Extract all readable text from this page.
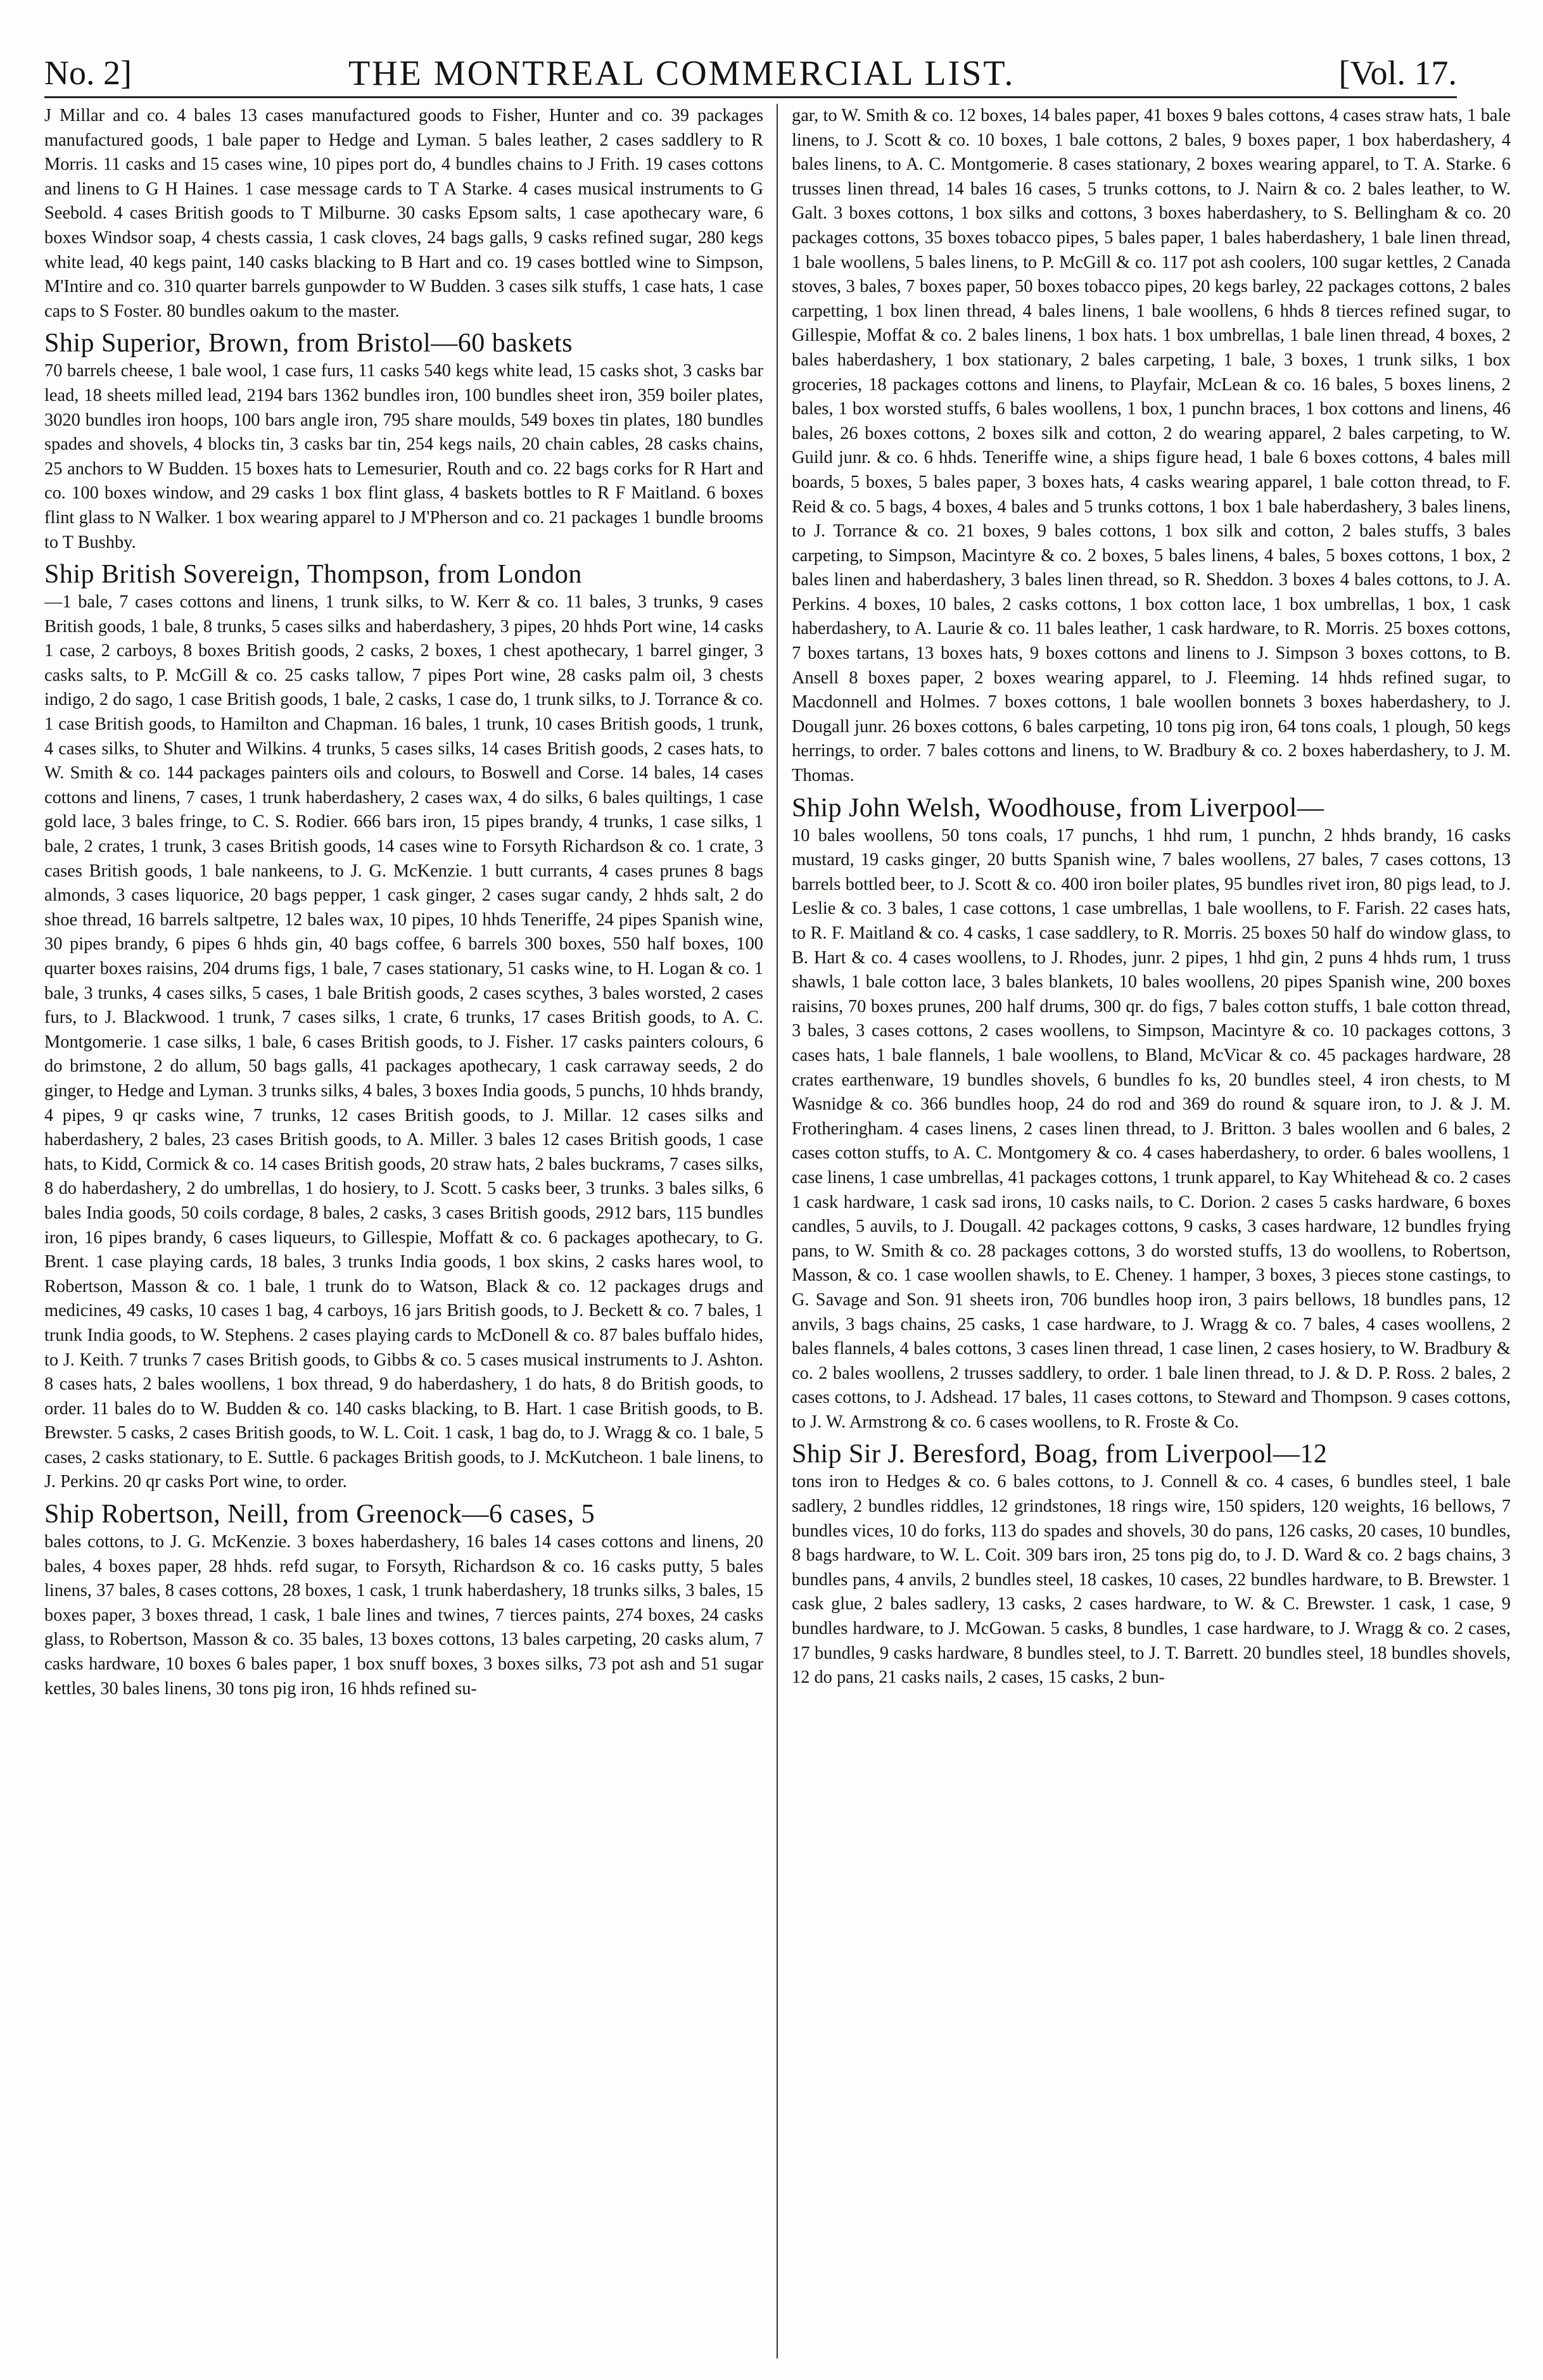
No. 2]	THE MONTREAL COMMERCIAL LIST.	[Vol. 17.

J Millar and co. 4 bales 13 cases manufactured goods to Fisher, Hunter and co. 39 packages manufactured goods, 1 bale paper to Hedge and Lyman. 5 bales leather, 2 cases saddlery to R Morris. 11 casks and 15 cases wine, 10 pipes port do, 4 bundles chains to J Frith. 19 cases cottons and linens to G H Haines. 1 case message cards to T A Starke. 4 cases musical instruments to G Seebold. 4 cases British goods to T Milburne. 30 casks Epsom salts, 1 case apothecary ware, 6 boxes Windsor soap, 4 chests cassia, 1 cask cloves, 24 bags galls, 9 casks refined sugar, 280 kegs white lead, 40 kegs paint, 140 casks blacking to B Hart and co. 19 cases bottled wine to Simpson, M'Intire and co. 310 quarter barrels gunpowder to W Budden. 3 cases silk stuffs, 1 case hats, 1 case caps to S Foster. 80 bundles oakum to the master.

Ship Superior, Brown, from Bristol—60 baskets

70 barrels cheese, 1 bale wool, 1 case furs, 11 casks 540 kegs white lead, 15 casks shot, 3 casks bar lead, 18 sheets milled lead, 2194 bars 1362 bundles iron, 100 bundles sheet iron, 359 boiler plates, 3020 bundles iron hoops, 100 bars angle iron, 795 share moulds, 549 boxes tin plates, 180 bundles spades and shovels, 4 blocks tin, 3 casks bar tin, 254 kegs nails, 20 chain cables, 28 casks chains, 25 anchors to W Budden. 15 boxes hats to Lemesurier, Routh and co. 22 bags corks for R Hart and co. 100 boxes window, and 29 casks 1 box flint glass, 4 baskets bottles to R F Maitland. 6 boxes flint glass to N Walker. 1 box wearing apparel to J M'Pherson and co. 21 packages 1 bundle brooms to T Bushby.

Ship British Sovereign, Thompson, from London

—1 bale, 7 cases cottons and linens, 1 trunk silks, to W. Kerr & co. 11 bales, 3 trunks, 9 cases British goods, 1 bale, 8 trunks, 5 cases silks and haberdashery, 3 pipes, 20 hhds Port wine, 14 casks 1 case, 2 carboys, 8 boxes British goods, 2 casks, 2 boxes, 1 chest apothecary, 1 barrel ginger, 3 casks salts, to P. McGill & co. 25 casks tallow, 7 pipes Port wine, 28 casks palm oil, 3 chests indigo, 2 do sago, 1 case British goods, 1 bale, 2 casks, 1 case do, 1 trunk silks, to J. Torrance & co. 1 case British goods, to Hamilton and Chapman. 16 bales, 1 trunk, 10 cases British goods, 1 trunk, 4 cases silks, to Shuter and Wilkins. 4 trunks, 5 cases silks, 14 cases British goods, 2 cases hats, to W. Smith & co. 144 packages painters oils and colours, to Boswell and Corse. 14 bales, 14 cases cottons and linens, 7 cases, 1 trunk haberdashery, 2 cases wax, 4 do silks, 6 bales quiltings, 1 case gold lace, 3 bales fringe, to C. S. Rodier. 666 bars iron, 15 pipes brandy, 4 trunks, 1 case silks, 1 bale, 2 crates, 1 trunk, 3 cases British goods, 14 cases wine to Forsyth Richardson & co. 1 crate, 3 cases British goods, 1 bale nankeens, to J. G. McKenzie. 1 butt currants, 4 cases prunes 8 bags almonds, 3 cases liquorice, 20 bags pepper, 1 cask ginger, 2 cases sugar candy, 2 hhds salt, 2 do shoe thread, 16 barrels saltpetre, 12 bales wax, 10 pipes, 10 hhds Teneriffe, 24 pipes Spanish wine, 30 pipes brandy, 6 pipes 6 hhds gin, 40 bags coffee, 6 barrels 300 boxes, 550 half boxes, 100 quarter boxes raisins, 204 drums figs, 1 bale, 7 cases stationary, 51 casks wine, to H. Logan & co. 1 bale, 3 trunks, 4 cases silks, 5 cases, 1 bale British goods, 2 cases scythes, 3 bales worsted, 2 cases furs, to J. Blackwood. 1 trunk, 7 cases silks, 1 crate, 6 trunks, 17 cases British goods, to A. C. Montgomerie. 1 case silks, 1 bale, 6 cases British goods, to J. Fisher. 17 casks painters colours, 6 do brimstone, 2 do allum, 50 bags galls, 41 packages apothecary, 1 cask carraway seeds, 2 do ginger, to Hedge and Lyman. 3 trunks silks, 4 bales, 3 boxes India goods, 5 punchs, 10 hhds brandy, 4 pipes, 9 qr casks wine, 7 trunks, 12 cases British goods, to J. Millar. 12 cases silks and haberdashery, 2 bales, 23 cases British goods, to A. Miller. 3 bales 12 cases British goods, 1 case hats, to Kidd, Cormick & co. 14 cases British goods, 20 straw hats, 2 bales buckrams, 7 cases silks, 8 do haberdashery, 2 do umbrellas, 1 do hosiery, to J. Scott. 5 casks beer, 3 trunks. 3 bales silks, 6 bales India goods, 50 coils cordage, 8 bales, 2 casks, 3 cases British goods, 2912 bars, 115 bundles iron, 16 pipes brandy, 6 cases liqueurs, to Gillespie, Moffatt & co. 6 packages apothecary, to G. Brent. 1 case playing cards, 18 bales, 3 trunks India goods, 1 box skins, 2 casks hares wool, to Robertson, Masson & co. 1 bale, 1 trunk do to Watson, Black & co. 12 packages drugs and medicines, 49 casks, 10 cases 1 bag, 4 carboys, 16 jars British goods, to J. Beckett & co. 7 bales, 1 trunk India goods, to W. Stephens. 2 cases playing cards to McDonell & co. 87 bales buffalo hides, to J. Keith. 7 trunks 7 cases British goods, to Gibbs & co. 5 cases musical instruments to J. Ashton. 8 cases hats, 2 bales woollens, 1 box thread, 9 do haberdashery, 1 do hats, 8 do British goods, to order. 11 bales do to W. Budden & co. 140 casks blacking, to B. Hart. 1 case British goods, to B. Brewster. 5 casks, 2 cases British goods, to W. L. Coit. 1 cask, 1 bag do, to J. Wragg & co. 1 bale, 5 cases, 2 casks stationary, to E. Suttle. 6 packages British goods, to J. McKutcheon. 1 bale linens, to J. Perkins. 20 qr casks Port wine, to order.

Ship Robertson, Neill, from Greenock—6 cases, 5

bales cottons, to J. G. McKenzie. 3 boxes haberdashery, 16 bales 14 cases cottons and linens, 20 bales, 4 boxes paper, 28 hhds. refd sugar, to Forsyth, Richardson & co. 16 casks putty, 5 bales linens, 37 bales, 8 cases cottons, 28 boxes, 1 cask, 1 trunk haberdashery, 18 trunks silks, 3 bales, 15 boxes paper, 3 boxes thread, 1 cask, 1 bale lines and twines, 7 tierces paints, 274 boxes, 24 casks glass, to Robertson, Masson & co. 35 bales, 13 boxes cottons, 13 bales carpeting, 20 casks alum, 7 casks hardware, 10 boxes 6 bales paper, 1 box snuff boxes, 3 boxes silks, 73 pot ash and 51 sugar kettles, 30 bales linens, 30 tons pig iron, 16 hhds refined su-

gar, to W. Smith & co. 12 boxes, 14 bales paper, 41 boxes 9 bales cottons, 4 cases straw hats, 1 bale linens, to J. Scott & co. 10 boxes, 1 bale cottons, 2 bales, 9 boxes paper, 1 box haberdashery, 4 bales linens, to A. C. Montgomerie. 8 cases stationary, 2 boxes wearing apparel, to T. A. Starke. 6 trusses linen thread, 14 bales 16 cases, 5 trunks cottons, to J. Nairn & co. 2 bales leather, to W. Galt. 3 boxes cottons, 1 box silks and cottons, 3 boxes haberdashery, to S. Bellingham & co. 20 packages cottons, 35 boxes tobacco pipes, 5 bales paper, 1 bales haberdashery, 1 bale linen thread, 1 bale woollens, 5 bales linens, to P. McGill & co. 117 pot ash coolers, 100 sugar kettles, 2 Canada stoves, 3 bales, 7 boxes paper, 50 boxes tobacco pipes, 20 kegs barley, 22 packages cottons, 2 bales carpetting, 1 box linen thread, 4 bales linens, 1 bale woollens, 6 hhds 8 tierces refined sugar, to Gillespie, Moffat & co. 2 bales linens, 1 box hats. 1 box umbrellas, 1 bale linen thread, 4 boxes, 2 bales haberdashery, 1 box stationary, 2 bales carpeting, 1 bale, 3 boxes, 1 trunk silks, 1 box groceries, 18 packages cottons and linens, to Playfair, McLean & co. 16 bales, 5 boxes linens, 2 bales, 1 box worsted stuffs, 6 bales woollens, 1 box, 1 punchn braces, 1 box cottons and linens, 46 bales, 26 boxes cottons, 2 boxes silk and cotton, 2 do wearing apparel, 2 bales carpeting, to W. Guild junr. & co. 6 hhds. Teneriffe wine, a ships figure head, 1 bale 6 boxes cottons, 4 bales mill boards, 5 boxes, 5 bales paper, 3 boxes hats, 4 casks wearing apparel, 1 bale cotton thread, to F. Reid & co. 5 bags, 4 boxes, 4 bales and 5 trunks cottons, 1 box 1 bale haberdashery, 3 bales linens, to J. Torrance & co. 21 boxes, 9 bales cottons, 1 box silk and cotton, 2 bales stuffs, 3 bales carpeting, to Simpson, Macintyre & co. 2 boxes, 5 bales linens, 4 bales, 5 boxes cottons, 1 box, 2 bales linen and haberdashery, 3 bales linen thread, so R. Sheddon. 3 boxes 4 bales cottons, to J. A. Perkins. 4 boxes, 10 bales, 2 casks cottons, 1 box cotton lace, 1 box umbrellas, 1 box, 1 cask haberdashery, to A. Laurie & co. 11 bales leather, 1 cask hardware, to R. Morris. 25 boxes cottons, 7 boxes tartans, 13 boxes hats, 9 boxes cottons and linens to J. Simpson 3 boxes cottons, to B. Ansell 8 boxes paper, 2 boxes wearing apparel, to J. Fleeming. 14 hhds refined sugar, to Macdonnell and Holmes. 7 boxes cottons, 1 bale woollen bonnets 3 boxes haberdashery, to J. Dougall junr. 26 boxes cottons, 6 bales carpeting, 10 tons pig iron, 64 tons coals, 1 plough, 50 kegs herrings, to order. 7 bales cottons and linens, to W. Bradbury & co. 2 boxes haberdashery, to J. M. Thomas.

Ship John Welsh, Woodhouse, from Liverpool—

10 bales woollens, 50 tons coals, 17 punchs, 1 hhd rum, 1 punchn, 2 hhds brandy, 16 casks mustard, 19 casks ginger, 20 butts Spanish wine, 7 bales woollens, 27 bales, 7 cases cottons, 13 barrels bottled beer, to J. Scott & co. 400 iron boiler plates, 95 bundles rivet iron, 80 pigs lead, to J. Leslie & co. 3 bales, 1 case cottons, 1 case umbrellas, 1 bale woollens, to F. Farish. 22 cases hats, to R. F. Maitland & co. 4 casks, 1 case saddlery, to R. Morris. 25 boxes 50 half do window glass, to B. Hart & co. 4 cases woollens, to J. Rhodes, junr. 2 pipes, 1 hhd gin, 2 puns 4 hhds rum, 1 truss shawls, 1 bale cotton lace, 3 bales blankets, 10 bales woollens, 20 pipes Spanish wine, 200 boxes raisins, 70 boxes prunes, 200 half drums, 300 qr. do figs, 7 bales cotton stuffs, 1 bale cotton thread, 3 bales, 3 cases cottons, 2 cases woollens, to Simpson, Macintyre & co. 10 packages cottons, 3 cases hats, 1 bale flannels, 1 bale woollens, to Bland, McVicar & co. 45 packages hardware, 28 crates earthenware, 19 bundles shovels, 6 bundles fo ks, 20 bundles steel, 4 iron chests, to M Wasnidge & co. 366 bundles hoop, 24 do rod and 369 do round & square iron, to J. & J. M. Frotheringham. 4 cases linens, 2 cases linen thread, to J. Britton. 3 bales woollen and 6 bales, 2 cases cotton stuffs, to A. C. Montgomery & co. 4 cases haberdashery, to order. 6 bales woollens, 1 case linens, 1 case umbrellas, 41 packages cottons, 1 trunk apparel, to Kay Whitehead & co. 2 cases 1 cask hardware, 1 cask sad irons, 10 casks nails, to C. Dorion. 2 cases 5 casks hardware, 6 boxes candles, 5 auvils, to J. Dougall. 42 packages cottons, 9 casks, 3 cases hardware, 12 bundles frying pans, to W. Smith & co. 28 packages cottons, 3 do worsted stuffs, 13 do woollens, to Robertson, Masson, & co. 1 case woollen shawls, to E. Cheney. 1 hamper, 3 boxes, 3 pieces stone castings, to G. Savage and Son. 91 sheets iron, 706 bundles hoop iron, 3 pairs bellows, 18 bundles pans, 12 anvils, 3 bags chains, 25 casks, 1 case hardware, to J. Wragg & co. 7 bales, 4 cases woollens, 2 bales flannels, 4 bales cottons, 3 cases linen thread, 1 case linen, 2 cases hosiery, to W. Bradbury & co. 2 bales woollens, 2 trusses saddlery, to order. 1 bale linen thread, to J. & D. P. Ross. 2 bales, 2 cases cottons, to J. Adshead. 17 bales, 11 cases cottons, to Steward and Thompson. 9 cases cottons, to J. W. Armstrong & co. 6 cases woollens, to R. Froste & Co.

Ship Sir J. Beresford, Boag, from Liverpool—12

tons iron to Hedges & co. 6 bales cottons, to J. Connell & co. 4 cases, 6 bundles steel, 1 bale sadlery, 2 bundles riddles, 12 grindstones, 18 rings wire, 150 spiders, 120 weights, 16 bellows, 7 bundles vices, 10 do forks, 113 do spades and shovels, 30 do pans, 126 casks, 20 cases, 10 bundles, 8 bags hardware, to W. L. Coit. 309 bars iron, 25 tons pig do, to J. D. Ward & co. 2 bags chains, 3 bundles pans, 4 anvils, 2 bundles steel, 18 caskes, 10 cases, 22 bundles hardware, to B. Brewster. 1 cask glue, 2 bales sadlery, 13 casks, 2 cases hardware, to W. & C. Brewster. 1 cask, 1 case, 9 bundles hardware, to J. McGowan. 5 casks, 8 bundles, 1 case hardware, to J. Wragg & co. 2 cases, 17 bundles, 9 casks hardware, 8 bundles steel, to J. T. Barrett. 20 bundles steel, 18 bundles shovels, 12 do pans, 21 casks nails, 2 cases, 15 casks, 2 bun-
